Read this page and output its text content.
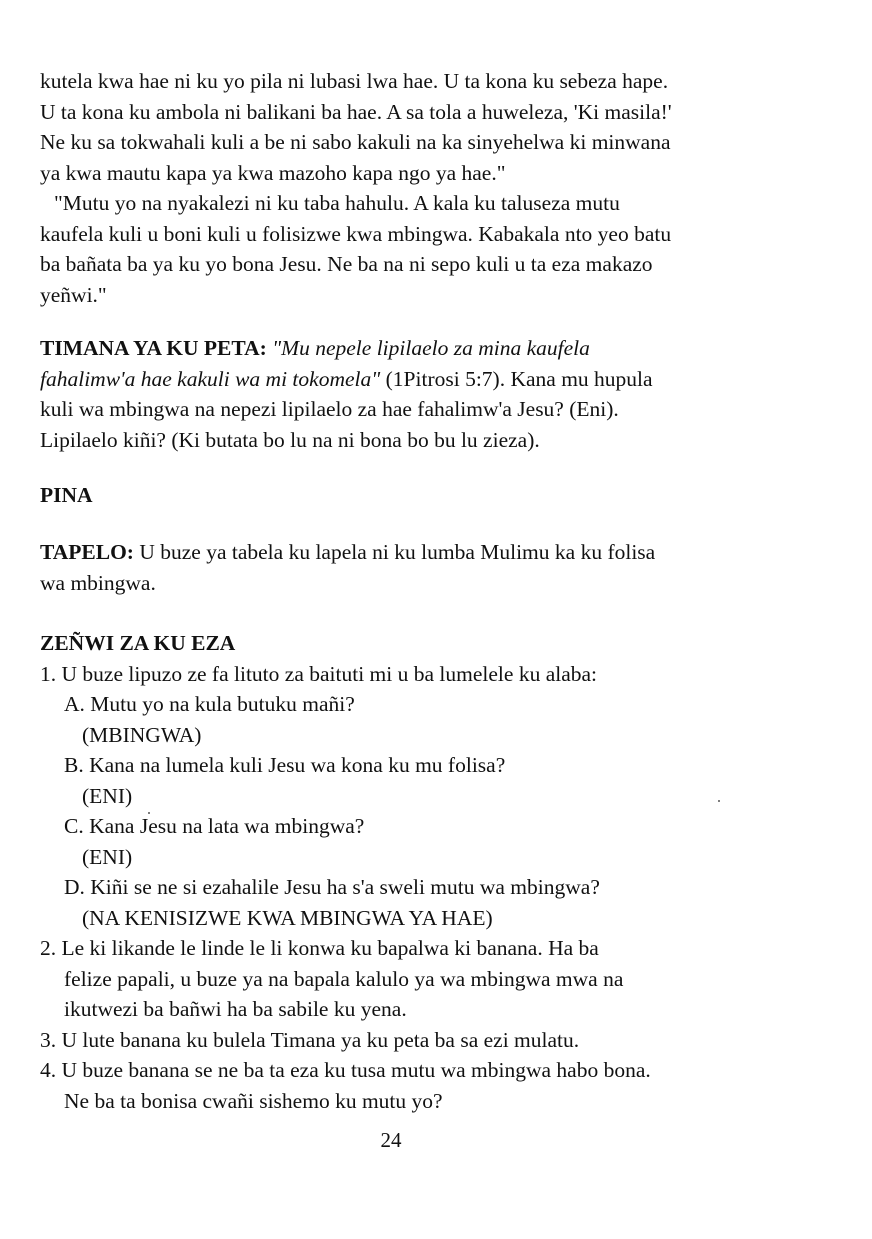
kutela kwa hae ni ku yo pila ni lubasi lwa hae. U ta kona ku sebeza hape.
U ta kona ku ambola ni balikani ba hae. A sa tola a huweleza, 'Ki masila!'
Ne ku sa tokwahali kuli a be ni sabo kakuli na ka sinyehelwa ki minwana
ya kwa mautu kapa ya kwa mazoho kapa ngo ya hae."
"Mutu yo na nyakalezi ni ku taba hahulu. A kala ku taluseza mutu
kaufela kuli u boni kuli u folisizwe kwa mbingwa. Kabakala nto yeo batu
ba bañata ba ya ku yo bona Jesu. Ne ba na ni sepo kuli u ta eza makazo
yeñwi."
TIMANA YA KU PETA: "Mu nepele lipilaelo za mina kaufela
fahalimw'a hae kakuli wa mi tokomela" (1Pitrosi 5:7). Kana mu hupula
kuli wa mbingwa na nepezi lipilaelo za hae fahalimw'a Jesu? (Eni).
Lipilaelo kiñi? (Ki butata bo lu na ni bona bo bu lu zieza).
PINA
TAPELO: U buze ya tabela ku lapela ni ku lumba Mulimu ka ku folisa
wa mbingwa.
ZEÑWI ZA KU EZA
1. U buze lipuzo ze fa lituto za baituti mi u ba lumelele ku alaba:
A. Mutu yo na kula butuku mañi?
(MBINGWA)
B. Kana na lumela kuli Jesu wa kona ku mu folisa?
(ENI)
C. Kana Jesu na lata wa mbingwa?
(ENI)
D. Kiñi se ne si ezahalile Jesu ha s'a sweli mutu wa mbingwa?
(NA KENISIZWE KWA MBINGWA YA HAE)
2. Le ki likande le linde le li konwa ku bapalwa ki banana. Ha ba
felize papali, u buze ya na bapala kalulo ya wa mbingwa mwa na
ikutwezi ba bañwi ha ba sabile ku yena.
3. U lute banana ku bulela Timana ya ku peta ba sa ezi mulatu.
4. U buze banana se ne ba ta eza ku tusa mutu wa mbingwa habo bona.
Ne ba ta bonisa cwañi sishemo ku mutu yo?
24
